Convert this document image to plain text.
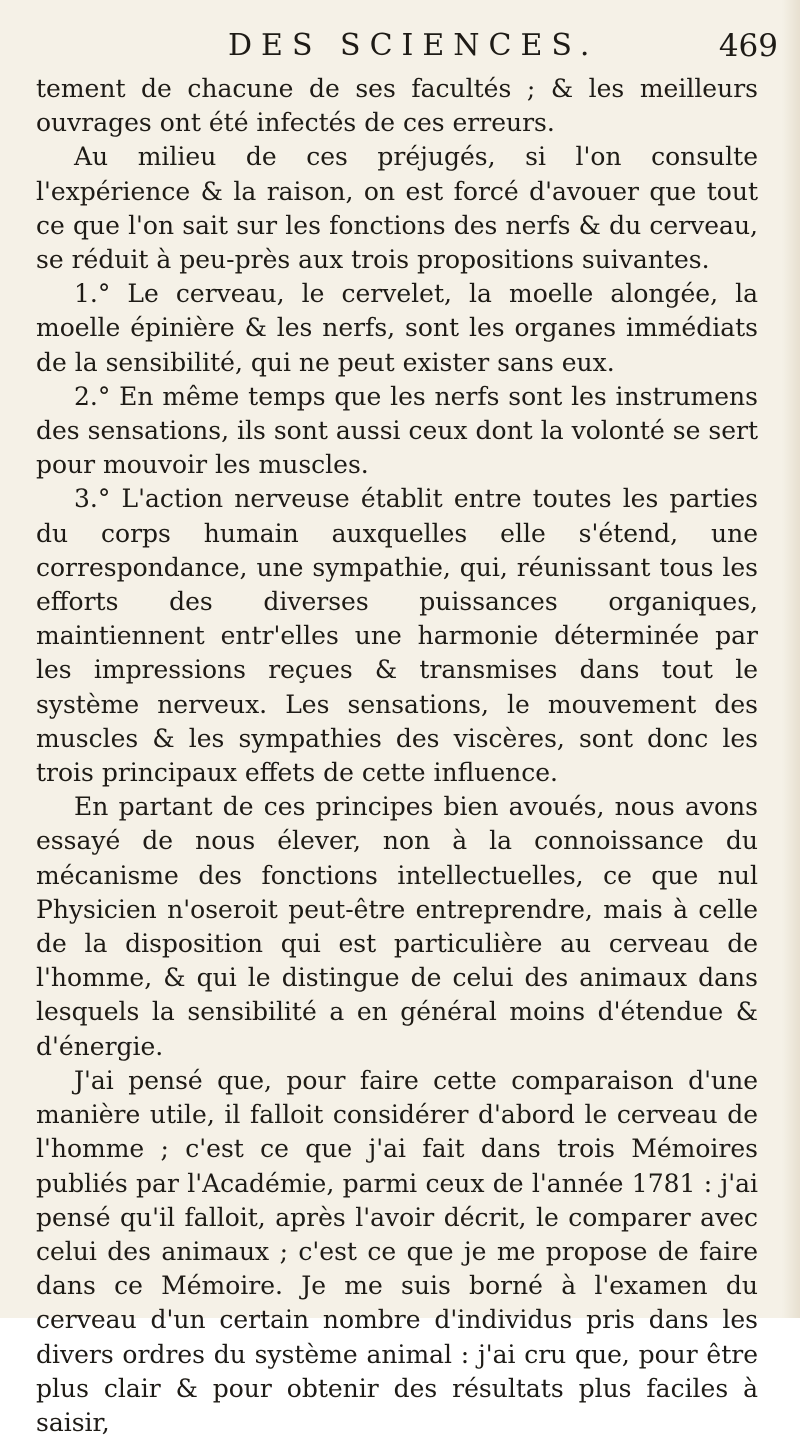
DES SCIENCES.	469

tement de chacune de ses facultés ; & les meilleurs ouvrages ont été infectés de ces erreurs.

Au milieu de ces préjugés, si l'on consulte l'expérience & la raison, on est forcé d'avouer que tout ce que l'on sait sur les fonctions des nerfs & du cerveau, se réduit à peu-près aux trois propositions suivantes.

1.° Le cerveau, le cervelet, la moelle alongée, la moelle épinière & les nerfs, sont les organes immédiats de la sensibilité, qui ne peut exister sans eux.

2.° En même temps que les nerfs sont les instrumens des sensations, ils sont aussi ceux dont la volonté se sert pour mouvoir les muscles.

3.° L'action nerveuse établit entre toutes les parties du corps humain auxquelles elle s'étend, une correspondance, une sympathie, qui, réunissant tous les efforts des diverses puissances organiques, maintiennent entr'elles une harmonie déterminée par les impressions reçues & transmises dans tout le système nerveux. Les sensations, le mouvement des muscles & les sympathies des viscères, sont donc les trois principaux effets de cette influence.

En partant de ces principes bien avoués, nous avons essayé de nous élever, non à la connoissance du mécanisme des fonctions intellectuelles, ce que nul Physicien n'oseroit peut-être entreprendre, mais à celle de la disposition qui est particulière au cerveau de l'homme, & qui le distingue de celui des animaux dans lesquels la sensibilité a en général moins d'étendue & d'énergie.

J'ai pensé que, pour faire cette comparaison d'une manière utile, il falloit considérer d'abord le cerveau de l'homme ; c'est ce que j'ai fait dans trois Mémoires publiés par l'Académie, parmi ceux de l'année 1781 : j'ai pensé qu'il falloit, après l'avoir décrit, le comparer avec celui des animaux ; c'est ce que je me propose de faire dans ce Mémoire. Je me suis borné à l'examen du cerveau d'un certain nombre d'individus pris dans les divers ordres du système animal : j'ai cru que, pour être plus clair & pour obtenir des résultats plus faciles à saisir,
